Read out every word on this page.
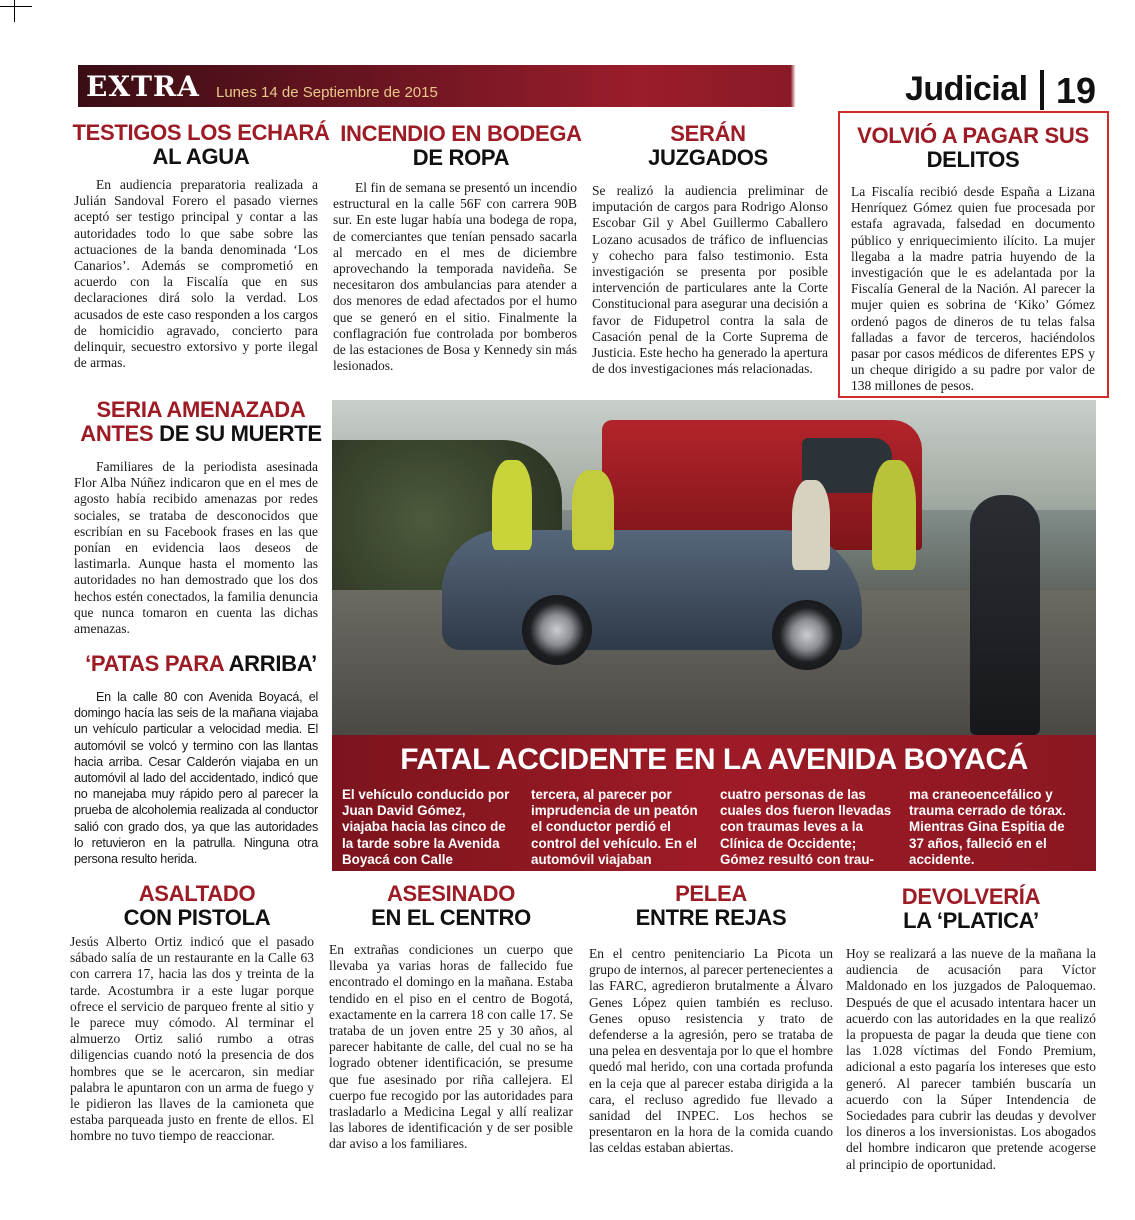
EXTRA Lunes 14 de Septiembre de 2015	Judicial 19
TESTIGOS LOS ECHARÁ
AL AGUA

En audiencia preparatoria realizada a Julián Sandoval Forero el pasado viernes aceptó ser testigo principal y contar a las autoridades todo lo que sabe sobre las actuaciones de la banda denominada ‘Los Canarios’. Además se comprometió en acuerdo con la Fiscalía que en sus declaraciones dirá solo la verdad. Los acusados de este caso responden a los cargos de homicidio agravado, concierto para delinquir, secuestro extorsivo y porte ilegal de armas.

INCENDIO EN BODEGA
DE ROPA

El fin de semana se presentó un incendio estructural en la calle 56F con carrera 90B sur. En este lugar había una bodega de ropa, de comerciantes que tenían pensado sacarla al mercado en el mes de diciembre aprovechando la temporada navideña. Se necesitaron dos ambulancias para atender a dos menores de edad afectados por el humo que se generó en el sitio. Finalmente la conflagración fue controlada por bomberos de las estaciones de Bosa y Kennedy sin más lesionados.

SERÁN
JUZGADOS

Se realizó la audiencia preliminar de imputación de cargos para Rodrigo Alonso Escobar Gil y Abel Guillermo Caballero Lozano acusados de tráfico de influencias y cohecho para falso testimonio. Esta investigación se presenta por posible intervención de particulares ante la Corte Constitucional para asegurar una decisión a favor de Fidupetrol contra la sala de Casación penal de la Corte Suprema de Justicia. Este hecho ha generado la apertura de dos investigaciones más relacionadas.

VOLVIÓ A PAGAR SUS
DELITOS

La Fiscalía recibió desde España a Lizana Henríquez Gómez quien fue procesada por estafa agravada, falsedad en documento público y enriquecimiento ilícito. La mujer llegaba a la madre patria huyendo de la investigación que le es adelantada por la Fiscalía General de la Nación. Al parecer la mujer quien es sobrina de ‘Kiko’ Gómez ordenó pagos de dineros de tu telas falsa falladas a favor de terceros, haciéndolos pasar por casos médicos de diferentes EPS y un cheque dirigido a su padre por valor de 138 millones de pesos.

SERIA AMENAZADA
ANTES DE SU MUERTE

Familiares de la periodista asesinada Flor Alba Núñez indicaron que en el mes de agosto había recibido amenazas por redes sociales, se trataba de desconocidos que escribían en su Facebook frases en las que ponían en evidencia laos deseos de lastimarla. Aunque hasta el momento las autoridades no han demostrado que los dos hechos estén conectados, la familia denuncia que nunca tomaron en cuenta las dichas amenazas.

‘PATAS PARA ARRIBA’

En la calle 80 con Avenida Boyacá, el domingo hacía las seis de la mañana viajaba un vehículo particular a velocidad media. El automóvil se volcó y termino con las llantas hacia arriba. Cesar Calderón viajaba en un automóvil al lado del accidentado, indicó que no manejaba muy rápido pero al parecer la prueba de alcoholemia realizada al conductor salió con grado dos, ya que las autoridades lo retuvieron en la patrulla. Ninguna otra persona resulto herida.

FATAL ACCIDENTE EN LA AVENIDA BOYACÁ
El vehículo conducido por Juan David Gómez, viajaba hacia las cinco de la tarde sobre la Avenida Boyacá con Calle
tercera, al parecer por imprudencia de un peatón el conductor perdió el control del vehículo. En el automóvil viajaban
cuatro personas de las cuales dos fueron llevadas con traumas leves a la Clínica de Occidente; Gómez resultó con trau-
ma craneoencefálico y trauma cerrado de tórax. Mientras Gina Espitia de 37 años, falleció en el accidente.
ASALTADO
CON PISTOLA

Jesús Alberto Ortiz indicó que el pasado sábado salía de un restaurante en la Calle 63 con carrera 17, hacia las dos y treinta de la tarde. Acostumbra ir a este lugar porque ofrece el servicio de parqueo frente al sitio y le parece muy cómodo. Al terminar el almuerzo Ortiz salió rumbo a otras diligencias cuando notó la presencia de dos hombres que se le acercaron, sin mediar palabra le apuntaron con un arma de fuego y le pidieron las llaves de la camioneta que estaba parqueada justo en frente de ellos. El hombre no tuvo tiempo de reaccionar.

ASESINADO
EN EL CENTRO

En extrañas condiciones un cuerpo que llevaba ya varias horas de fallecido fue encontrado el domingo en la mañana. Estaba tendido en el piso en el centro de Bogotá, exactamente en la carrera 18 con calle 17. Se trataba de un joven entre 25 y 30 años, al parecer habitante de calle, del cual no se ha logrado obtener identificación, se presume que fue asesinado por riña callejera. El cuerpo fue recogido por las autoridades para trasladarlo a Medicina Legal y allí realizar las labores de identificación y de ser posible dar aviso a los familiares.

PELEA
ENTRE REJAS

En el centro penitenciario La Picota un grupo de internos, al parecer pertenecientes a las FARC, agredieron brutalmente a Álvaro Genes López quien también es recluso. Genes opuso resistencia y trato de defenderse a la agresión, pero se trataba de una pelea en desventaja por lo que el hombre quedó mal herido, con una cortada profunda en la ceja que al parecer estaba dirigida a la cara, el recluso agredido fue llevado a sanidad del INPEC. Los hechos se presentaron en la hora de la comida cuando las celdas estaban abiertas.

DEVOLVERÍA
LA ‘PLATICA’

Hoy se realizará a las nueve de la mañana la audiencia de acusación para Víctor Maldonado en los juzgados de Paloquemao. Después de que el acusado intentara hacer un acuerdo con las autoridades en la que realizó la propuesta de pagar la deuda que tiene con las 1.028 víctimas del Fondo Premium, adicional a esto pagaría los intereses que esto generó. Al parecer también buscaría un acuerdo con la Súper Intendencia de Sociedades para cubrir las deudas y devolver los dineros a los inversionistas. Los abogados del hombre indicaron que pretende acogerse al principio de oportunidad.
